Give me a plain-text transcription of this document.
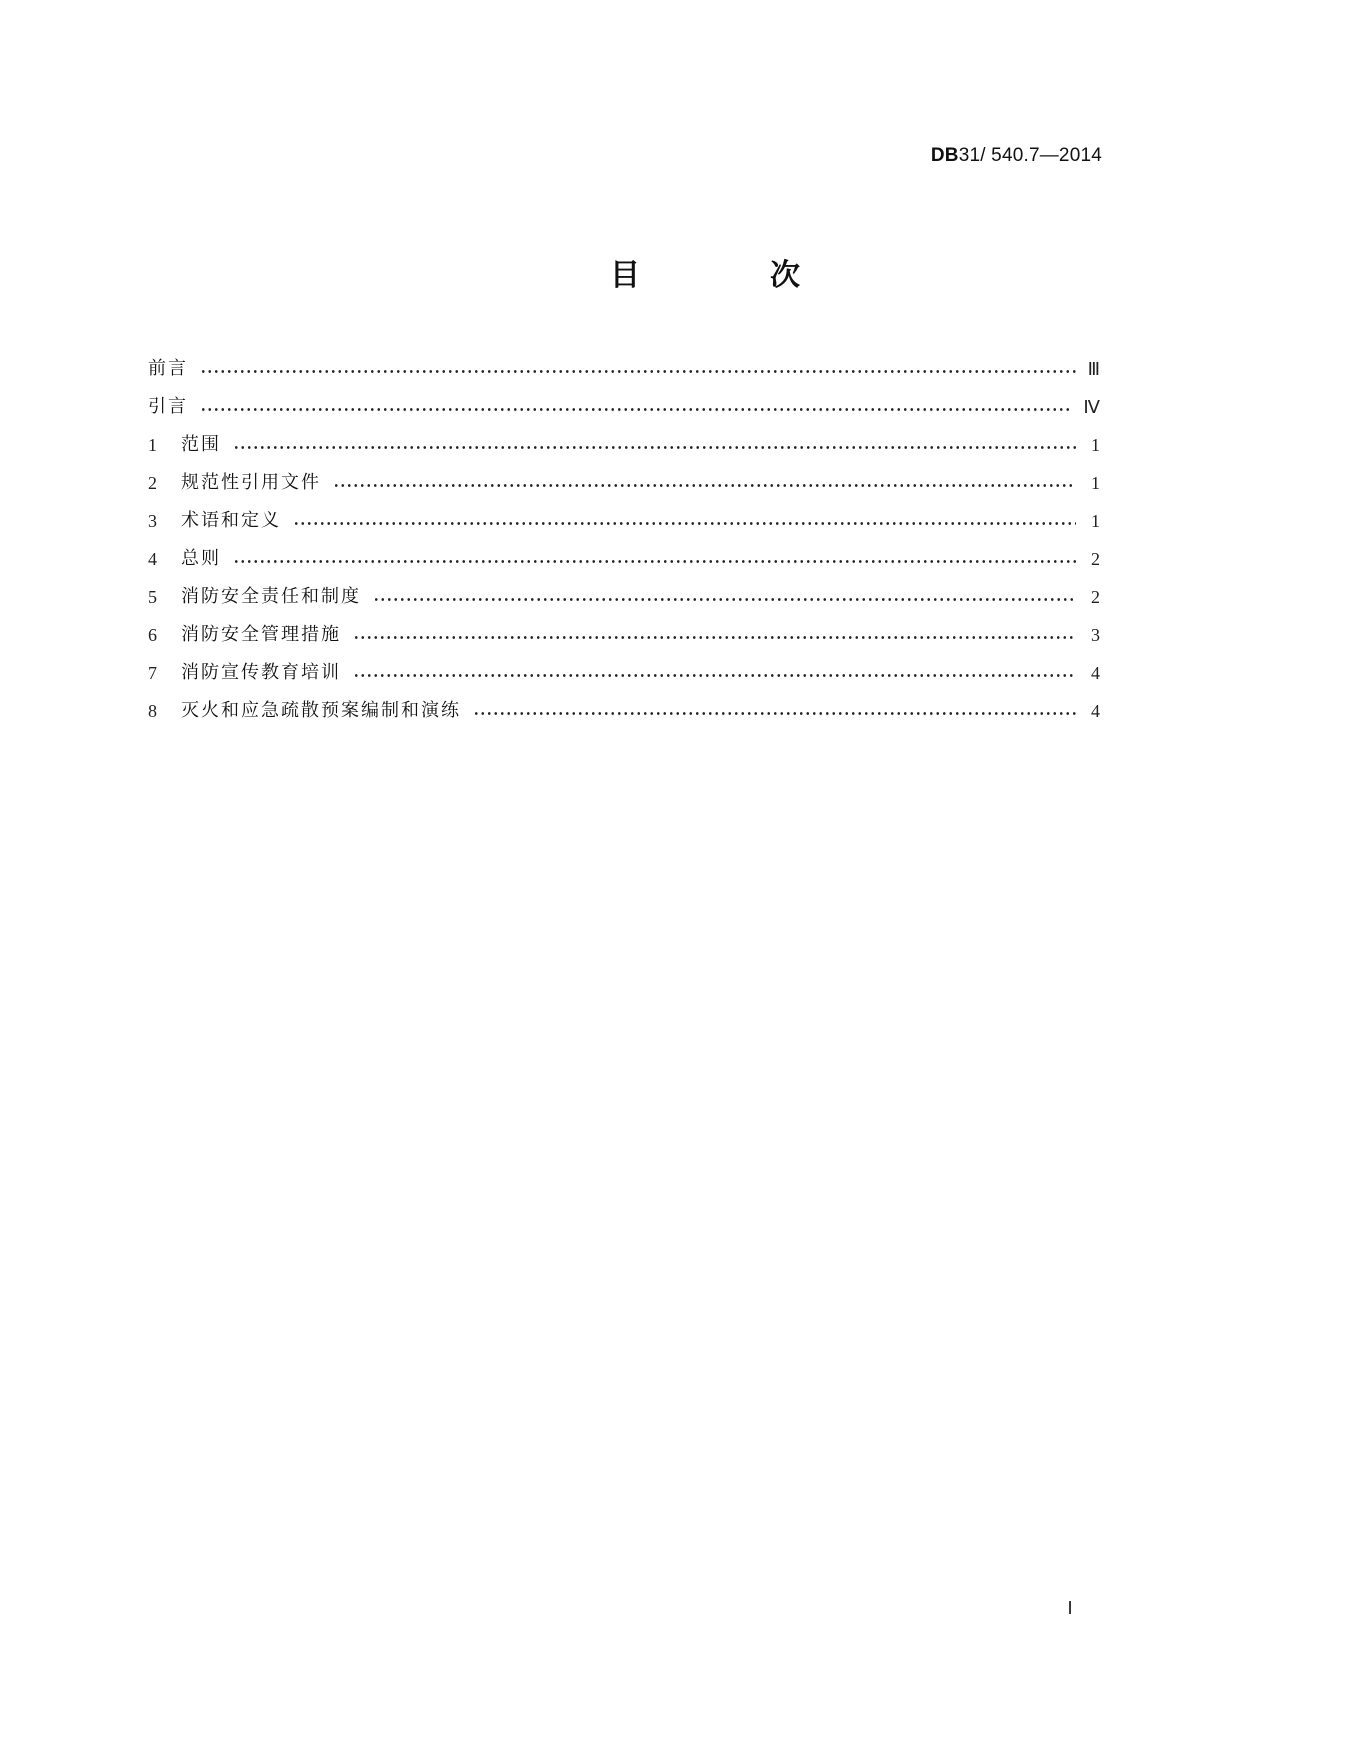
DB31/ 540.7—2014
目　次
前言	Ⅲ
引言	Ⅳ
1	范围	1
2	规范性引用文件	1
3	术语和定义	1
4	总则	2
5	消防安全责任和制度	2
6	消防安全管理措施	3
7	消防宣传教育培训	4
8	灭火和应急疏散预案编制和演练	4
Ⅰ
